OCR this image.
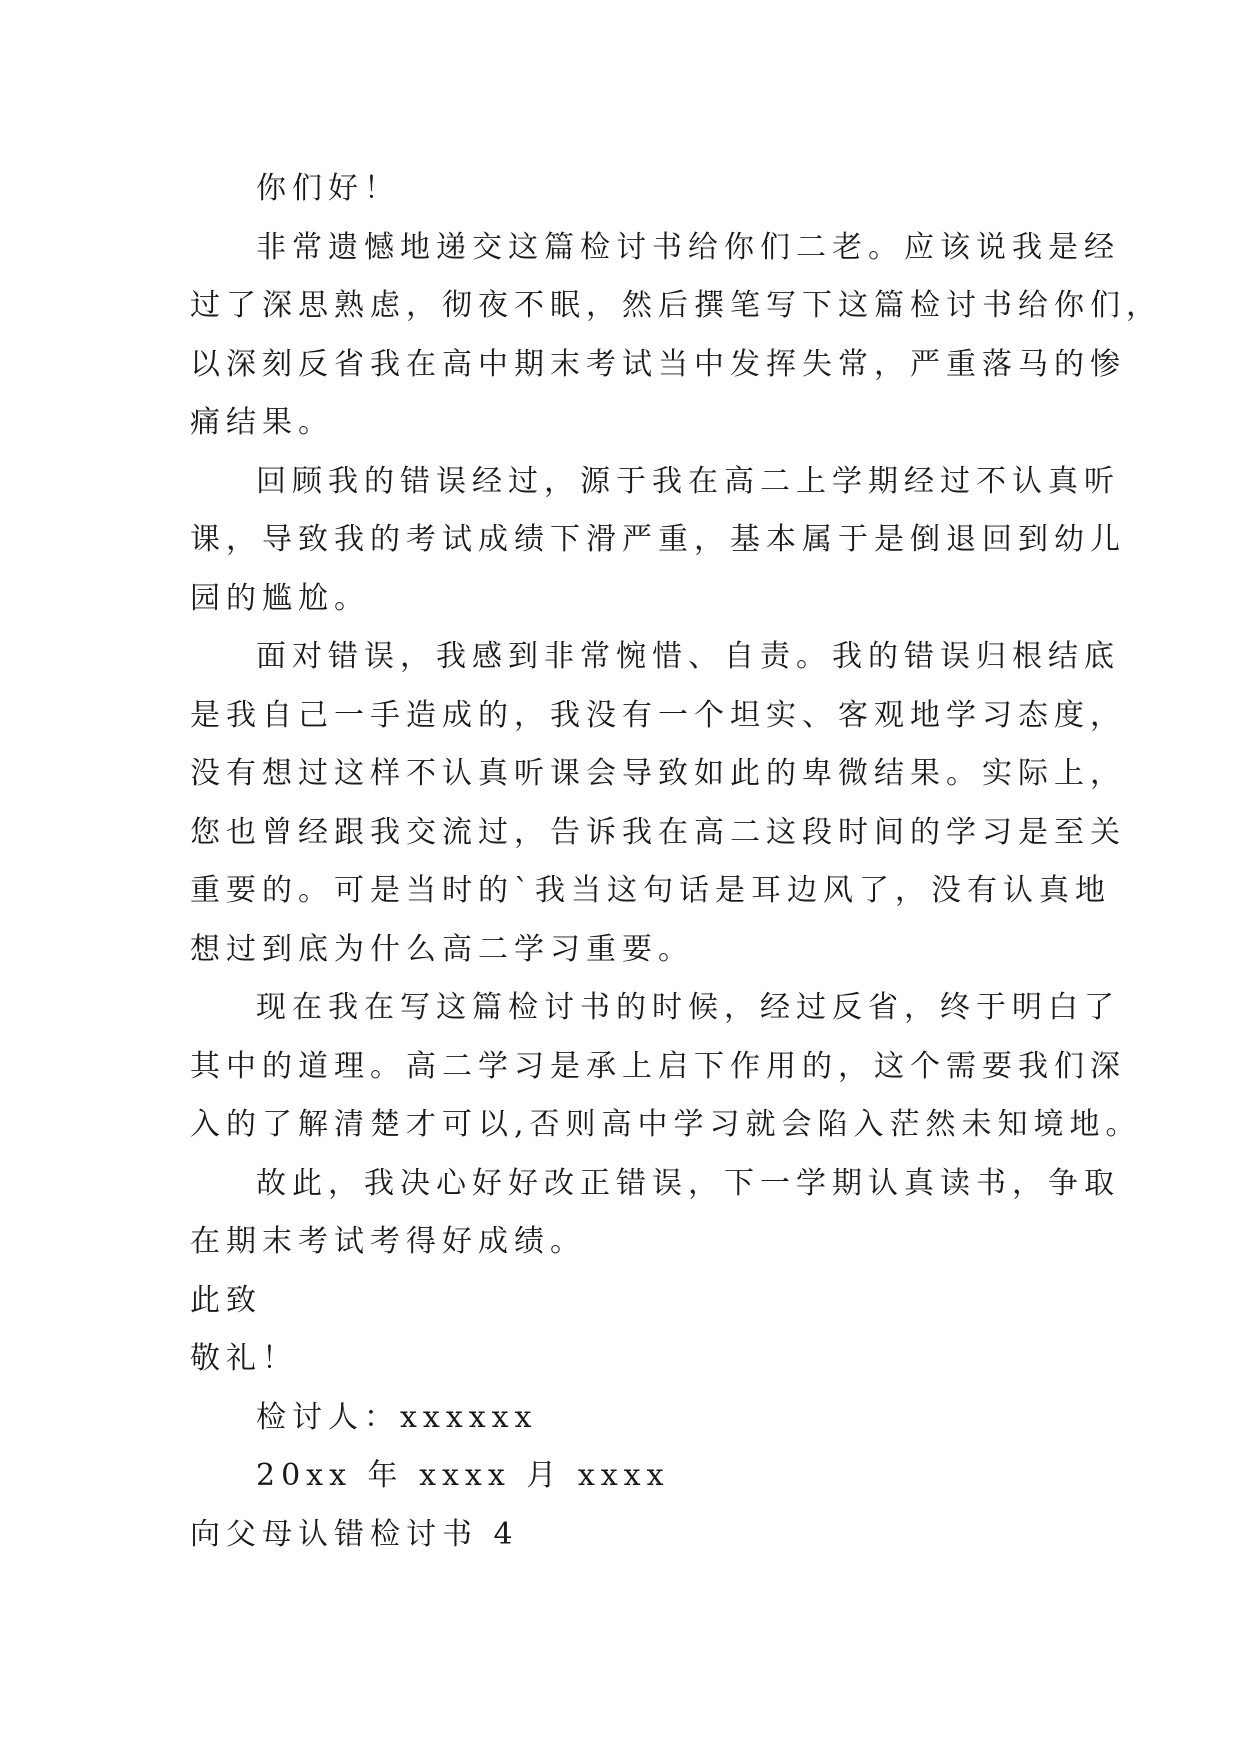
你们好！
非常遗憾地递交这篇检讨书给你们二老。应该说我是经
过了深思熟虑，彻夜不眠，然后撰笔写下这篇检讨书给你们，
以深刻反省我在高中期末考试当中发挥失常，严重落马的惨
痛结果。
回顾我的错误经过，源于我在高二上学期经过不认真听
课，导致我的考试成绩下滑严重，基本属于是倒退回到幼儿
园的尴尬。
面对错误，我感到非常惋惜、自责。我的错误归根结底
是我自己一手造成的，我没有一个坦实、客观地学习态度，
没有想过这样不认真听课会导致如此的卑微结果。实际上，
您也曾经跟我交流过，告诉我在高二这段时间的学习是至关
重要的。可是当时的`我当这句话是耳边风了，没有认真地
想过到底为什么高二学习重要。
现在我在写这篇检讨书的时候，经过反省，终于明白了
其中的道理。高二学习是承上启下作用的，这个需要我们深
入的了解清楚才可以,否则高中学习就会陷入茫然未知境地。
故此，我决心好好改正错误，下一学期认真读书，争取
在期末考试考得好成绩。
此致
敬礼！
检讨人：xxxxxx
20xx 年 xxxx 月 xxxx
向父母认错检讨书 4
